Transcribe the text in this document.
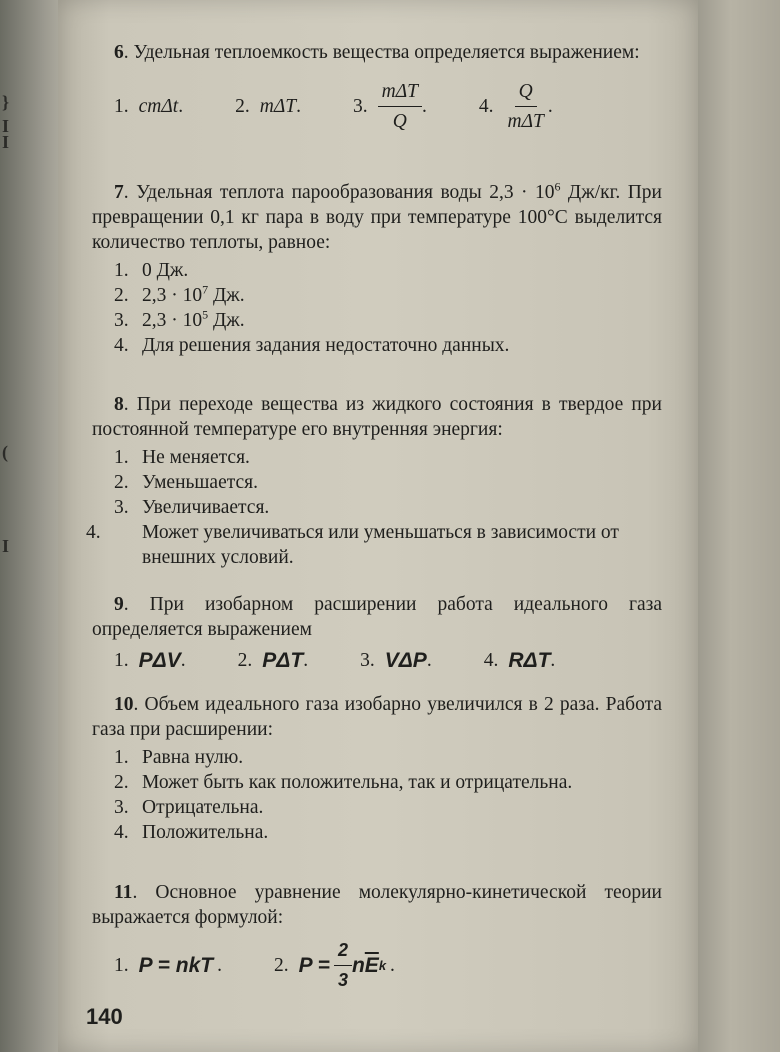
}
I
I
(
I

6. Удельная теплоемкость вещества определяется выражением:

1. cmΔt .	2. mΔT .	3. $\frac{\text{mΔT}}{Q}$ .	4. $\frac{Q}{\text{mΔT}}$ .

7. Удельная теплота парообразования воды $2,3 \cdot 10^6$ Дж/кг. При превращении 0,1 кг пара в воду при температуре 100°С выделится количество теплоты, равное:

1. 0 Дж.
2. $2,3 \cdot 10^7$ Дж.
3. $2,3 \cdot 10^5$ Дж.
4. Для решения задания недостаточно данных.

8. При переходе вещества из жидкого состояния в твердое при постоянной температуре его внутренняя энергия:

1. Не меняется.
2. Уменьшается.
3. Увеличивается.
4. Может увеличиваться или уменьшаться в зависимости от внешних условий.

9. При изобарном расширении работа идеального газа определяется выражением

1. PΔV .	2. PΔT .	3. VΔP .	4. RΔT .

10. Объем идеального газа изобарно увеличился в 2 раза. Работа газа при расширении:

1. Равна нулю.
2. Может быть как положительна, так и отрицательна.
3. Отрицательна.
4. Положительна.

11. Основное уравнение молекулярно-кинетической теории выражается формулой:

1. P = nkT .	2. $P = \frac{2}{3}$ n $\overline{E}$ k .
140
